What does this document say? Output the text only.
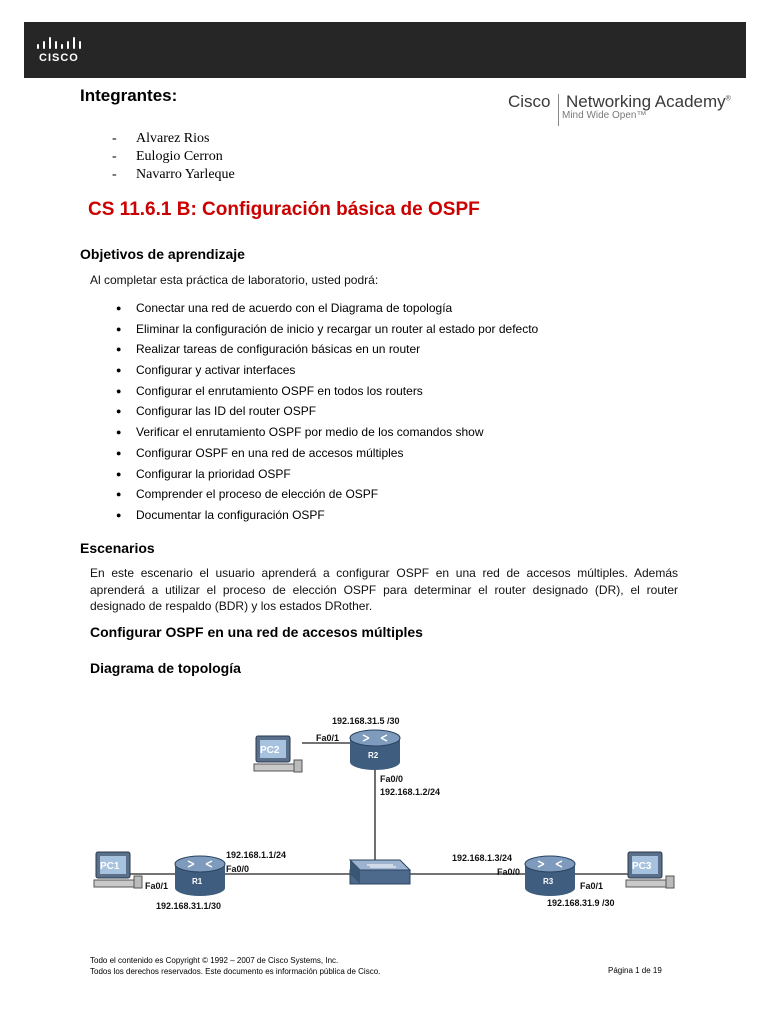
CISCO
Integrantes:	Cisco Networking Academy®
Mind Wide Open™
- Alvarez Rios
- Eulogio Cerron
- Navarro Yarleque
CS 11.6.1 B: Configuración básica de OSPF
Objetivos de aprendizaje
Al completar esta práctica de laboratorio, usted podrá:
● Conectar una red de acuerdo con el Diagrama de topología
● Eliminar la configuración de inicio y recargar un router al estado por defecto
● Realizar tareas de configuración básicas en un router
● Configurar y activar interfaces
● Configurar el enrutamiento OSPF en todos los routers
● Configurar las ID del router OSPF
● Verificar el enrutamiento OSPF por medio de los comandos show
● Configurar OSPF en una red de accesos múltiples
● Configurar la prioridad OSPF
● Comprender el proceso de elección de OSPF
● Documentar la configuración OSPF
Escenarios
En este escenario el usuario aprenderá a configurar OSPF en una red de accesos múltiples. Además aprenderá a utilizar el proceso de elección OSPF para determinar el router designado (DR), el router designado de respaldo (BDR) y los estados DRother.
Configurar OSPF en una red de accesos múltiples
Diagrama de topología
PC2
PC1	PC3
R2
R1	R3
192.168.31.5 /30
Fa0/1
Fa0/0
192.168.1.2/24
192.168.1.1/24
Fa0/0
Fa0/1
192.168.31.1/30
192.168.1.3/24
Fa0/0
Fa0/1
192.168.31.9 /30
Todo el contenido es Copyright © 1992 – 2007 de Cisco Systems, Inc.
Todos los derechos reservados. Este documento es información pública de Cisco.	Página 1 de 19
